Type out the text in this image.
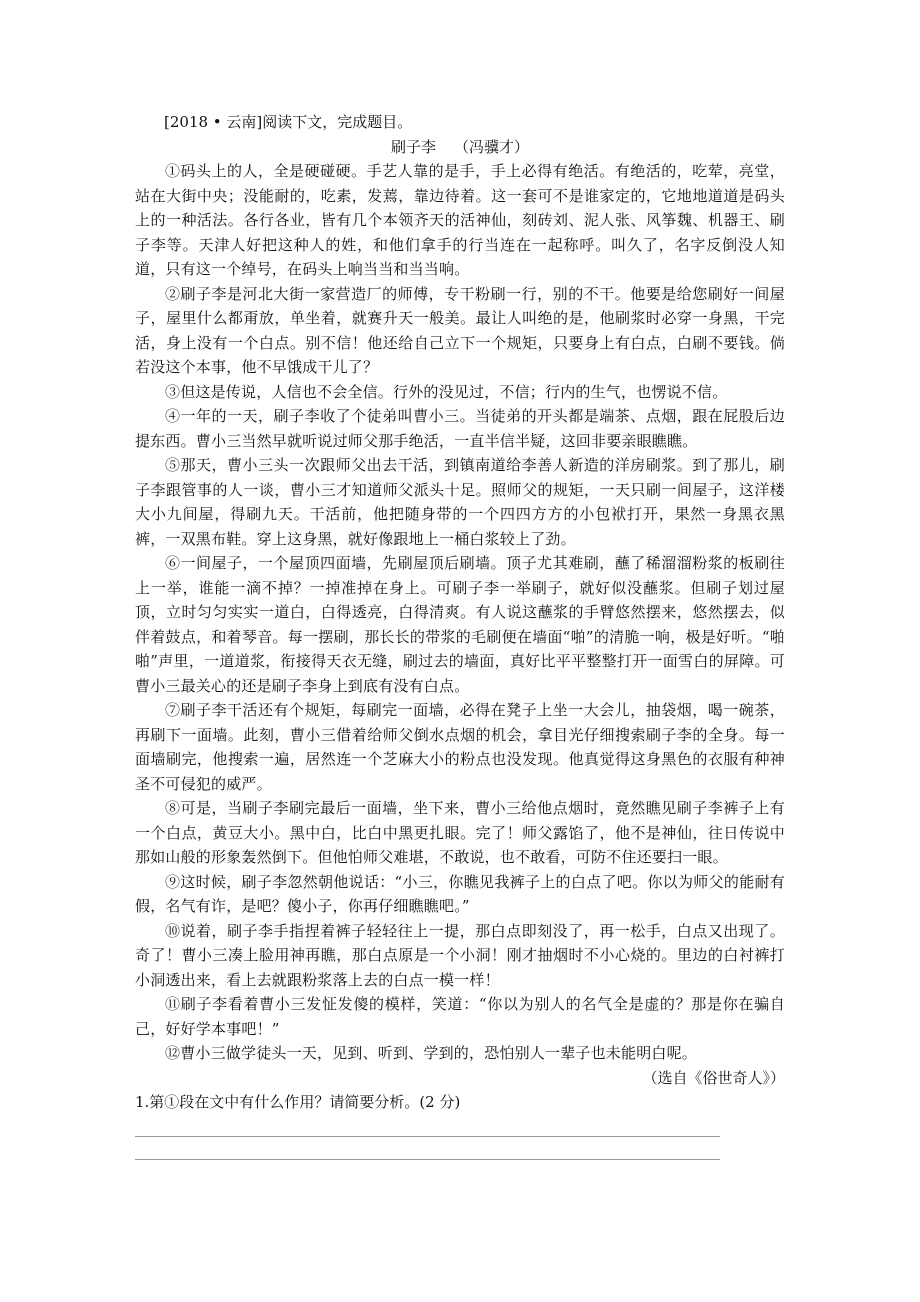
[2018 • 云南]阅读下文，完成题目。
刷子李 （冯骥才）

①码头上的人，全是硬碰硬。手艺人靠的是手，手上必得有绝活。有绝活的，吃荤，亮堂，站在大街中央；没能耐的，吃素，发蔫，靠边待着。这一套可不是谁家定的，它地地道道是码头上的一种活法。各行各业，皆有几个本领齐天的活神仙，刻砖刘、泥人张、风筝魏、机器王、刷子李等。天津人好把这种人的姓，和他们拿手的行当连在一起称呼。叫久了，名字反倒没人知道，只有这一个绰号，在码头上响当当和当当响。

②刷子李是河北大街一家营造厂的师傅，专干粉刷一行，别的不干。他要是给您刷好一间屋子，屋里什么都甭放，单坐着，就赛升天一般美。最让人叫绝的是，他刷浆时必穿一身黑，干完活，身上没有一个白点。别不信！他还给自己立下一个规矩，只要身上有白点，白刷不要钱。倘若没这个本事，他不早饿成干儿了？

③但这是传说，人信也不会全信。行外的没见过，不信；行内的生气，也愣说不信。

④一年的一天，刷子李收了个徒弟叫曹小三。当徒弟的开头都是端茶、点烟，跟在屁股后边提东西。曹小三当然早就听说过师父那手绝活，一直半信半疑，这回非要亲眼瞧瞧。

⑤那天，曹小三头一次跟师父出去干活，到镇南道给李善人新造的洋房刷浆。到了那儿，刷子李跟管事的人一谈，曹小三才知道师父派头十足。照师父的规矩，一天只刷一间屋子，这洋楼大小九间屋，得刷九天。干活前，他把随身带的一个四四方方的小包袱打开，果然一身黑衣黑裤，一双黑布鞋。穿上这身黑，就好像跟地上一桶白浆较上了劲。

⑥一间屋子，一个屋顶四面墙，先刷屋顶后刷墙。顶子尤其难刷，蘸了稀溜溜粉浆的板刷往上一举，谁能一滴不掉？一掉准掉在身上。可刷子李一举刷子，就好似没蘸浆。但刷子划过屋顶，立时匀匀实实一道白，白得透亮，白得清爽。有人说这蘸浆的手臂悠然摆来，悠然摆去，似伴着鼓点，和着琴音。每一摆刷，那长长的带浆的毛刷便在墙面“啪”的清脆一响，极是好听。“啪啪”声里，一道道浆，衔接得天衣无缝，刷过去的墙面，真好比平平整整打开一面雪白的屏障。可曹小三最关心的还是刷子李身上到底有没有白点。

⑦刷子李干活还有个规矩，每刷完一面墙，必得在凳子上坐一大会儿，抽袋烟，喝一碗茶，再刷下一面墙。此刻，曹小三借着给师父倒水点烟的机会，拿目光仔细搜索刷子李的全身。每一面墙刷完，他搜索一遍，居然连一个芝麻大小的粉点也没发现。他真觉得这身黑色的衣服有种神圣不可侵犯的威严。

⑧可是，当刷子李刷完最后一面墙，坐下来，曹小三给他点烟时，竟然瞧见刷子李裤子上有一个白点，黄豆大小。黑中白，比白中黑更扎眼。完了！师父露馅了，他不是神仙，往日传说中那如山般的形象轰然倒下。但他怕师父难堪，不敢说，也不敢看，可防不住还要扫一眼。

⑨这时候，刷子李忽然朝他说话：“小三，你瞧见我裤子上的白点了吧。你以为师父的能耐有假，名气有诈，是吧？傻小子，你再仔细瞧瞧吧。”

⑩说着，刷子李手指捏着裤子轻轻往上一提，那白点即刻没了，再一松手，白点又出现了。奇了！曹小三凑上脸用神再瞧，那白点原是一个小洞！刚才抽烟时不小心烧的。里边的白衬裤打小洞透出来，看上去就跟粉浆落上去的白点一模一样！

⑪刷子李看着曹小三发怔发傻的模样，笑道：“你以为别人的名气全是虚的？那是你在骗自己，好好学本事吧！”

⑫曹小三做学徒头一天，见到、听到、学到的，恐怕别人一辈子也未能明白呢。

（选自《俗世奇人》）
1.第①段在文中有什么作用？请简要分析。(2 分)
